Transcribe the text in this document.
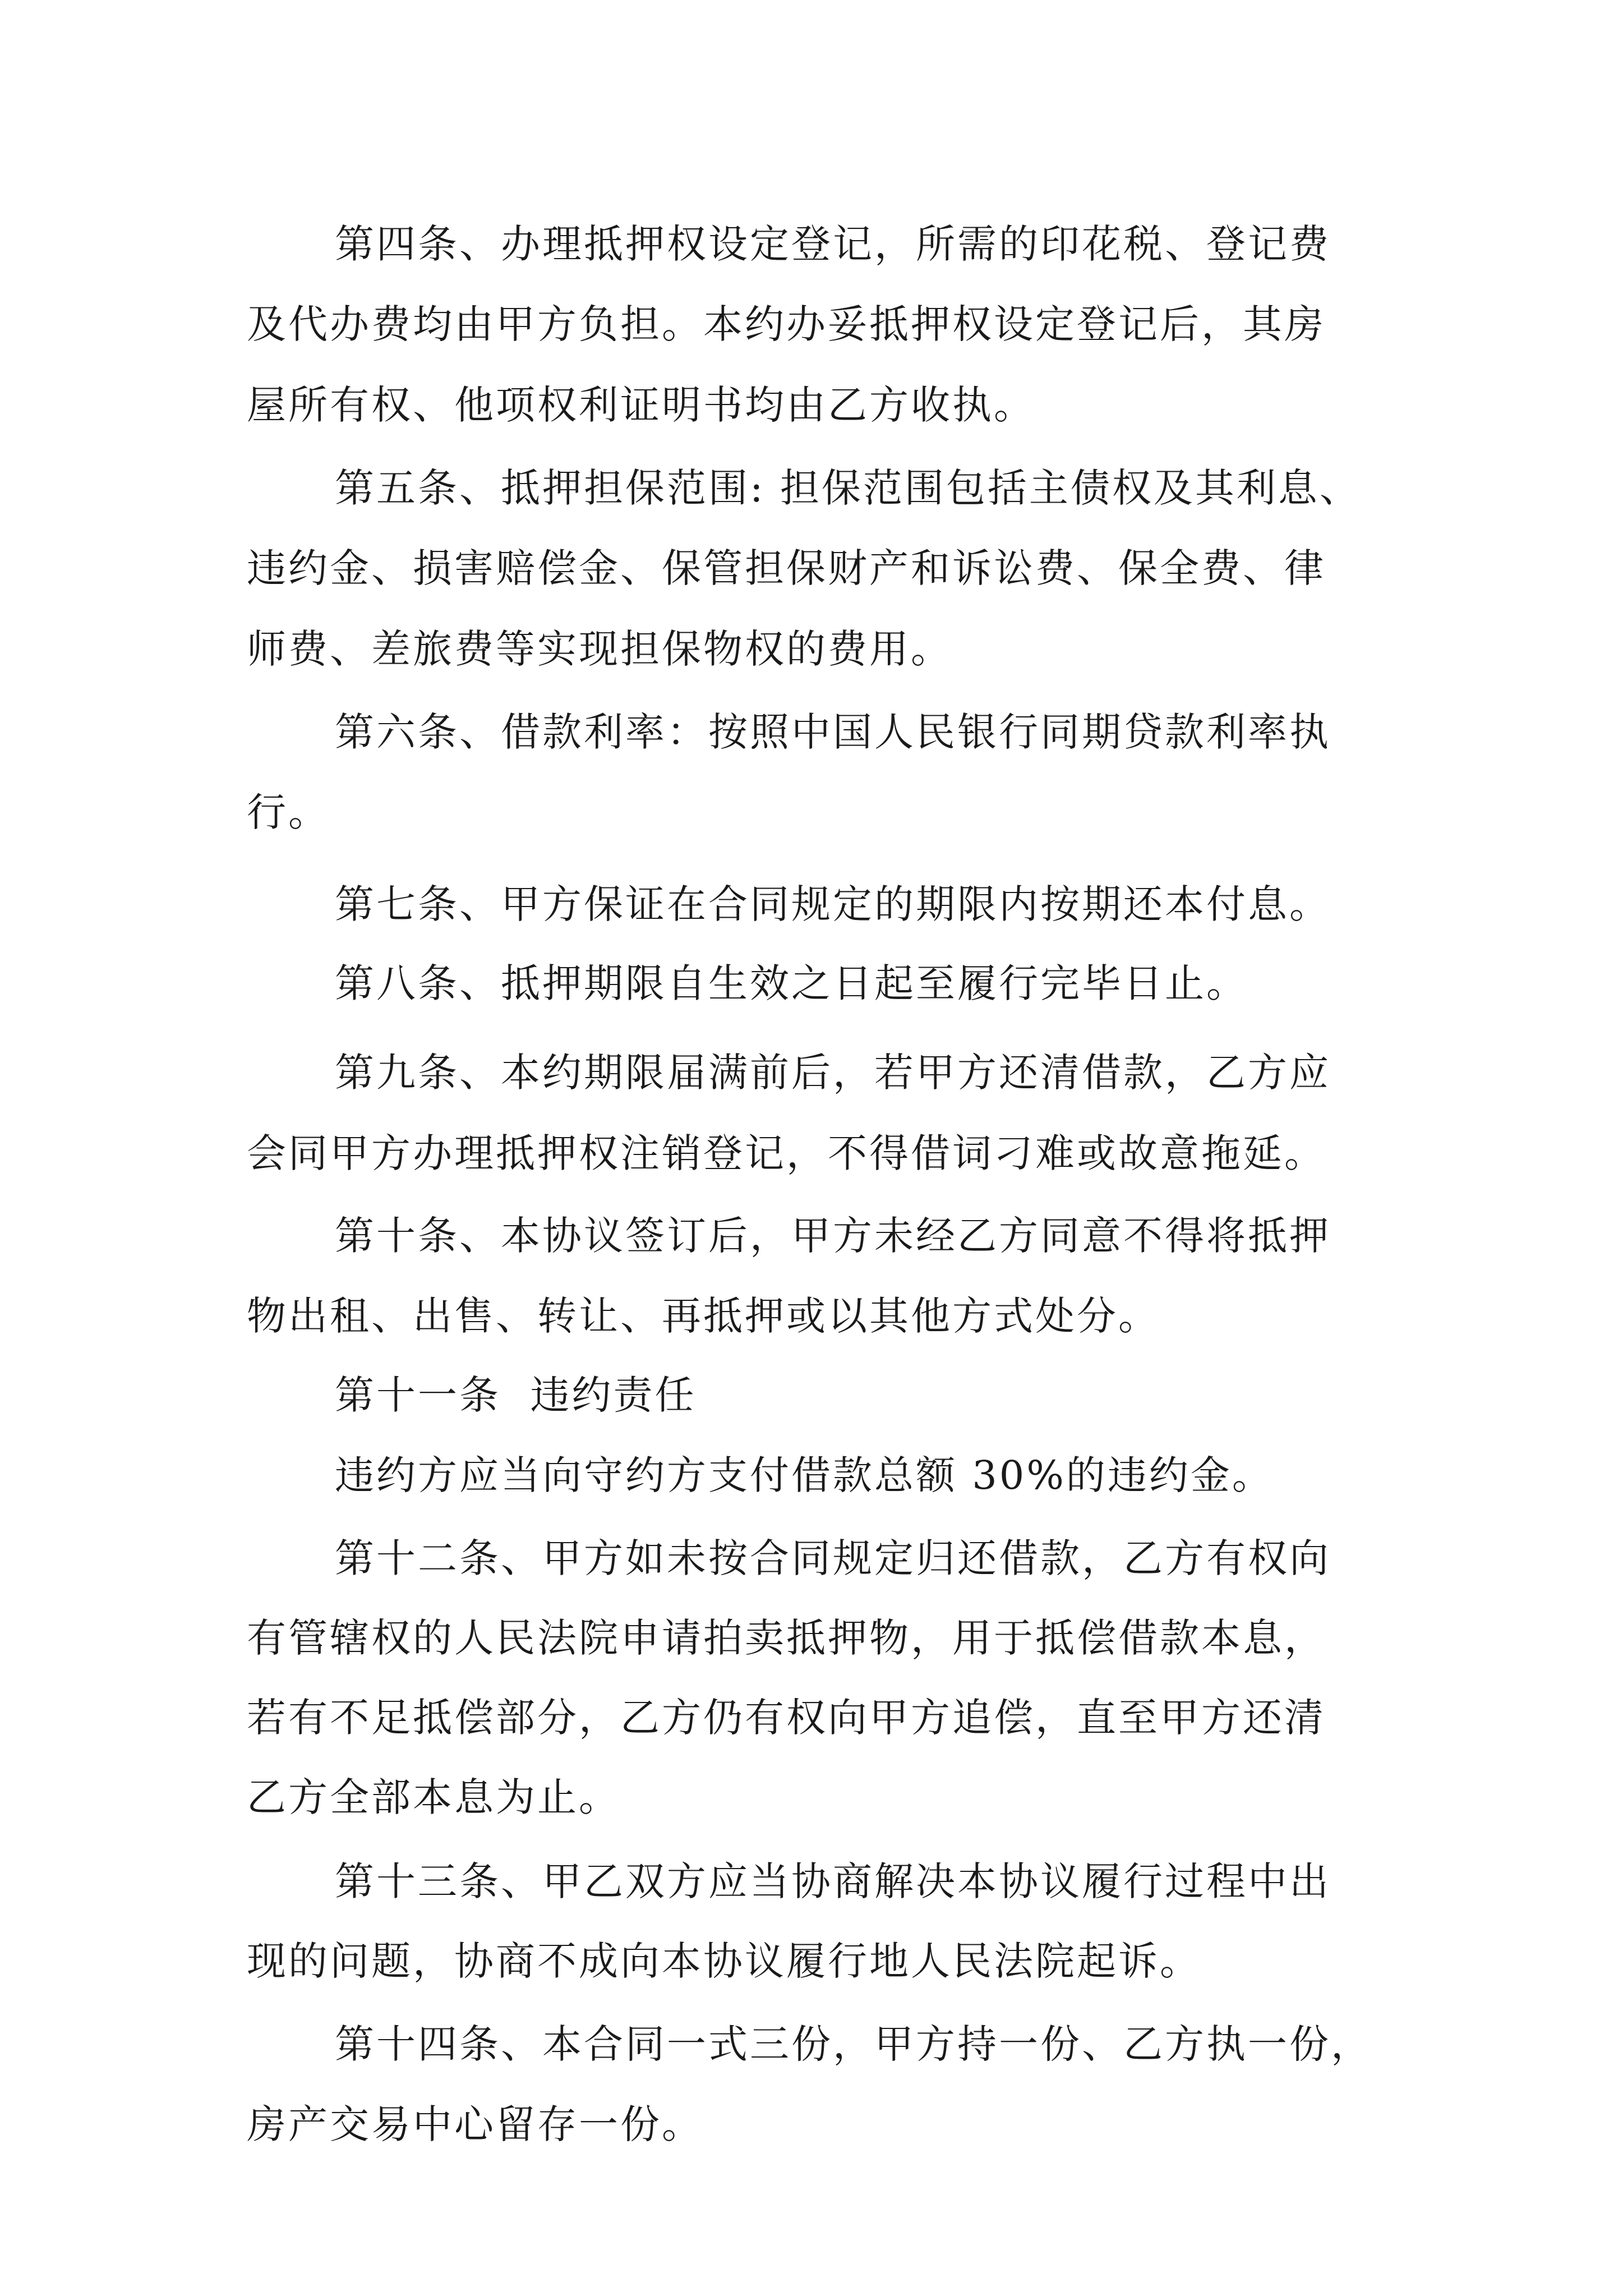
第四条、办理抵押权设定登记，所需的印花税、登记费
及代办费均由甲方负担。本约办妥抵押权设定登记后，其房
屋所有权、他项权利证明书均由乙方收执。
第五条、抵押担保范围: 担保范围包括主债权及其利息、
违约金、损害赔偿金、保管担保财产和诉讼费、保全费、律
师费、差旅费等实现担保物权的费用。
第六条、借款利率：按照中国人民银行同期贷款利率执
行。
第七条、甲方保证在合同规定的期限内按期还本付息。
第八条、抵押期限自生效之日起至履行完毕日止。
第九条、本约期限届满前后，若甲方还清借款，乙方应
会同甲方办理抵押权注销登记，不得借词刁难或故意拖延。
第十条、本协议签订后，甲方未经乙方同意不得将抵押
物出租、出售、转让、再抵押或以其他方式处分。
第十一条  违约责任
违约方应当向守约方支付借款总额 30%的违约金。
第十二条、甲方如未按合同规定归还借款，乙方有权向
有管辖权的人民法院申请拍卖抵押物，用于抵偿借款本息，
若有不足抵偿部分，乙方仍有权向甲方追偿，直至甲方还清
乙方全部本息为止。
第十三条、甲乙双方应当协商解决本协议履行过程中出
现的问题，协商不成向本协议履行地人民法院起诉。
第十四条、本合同一式三份，甲方持一份、乙方执一份，
房产交易中心留存一份。
